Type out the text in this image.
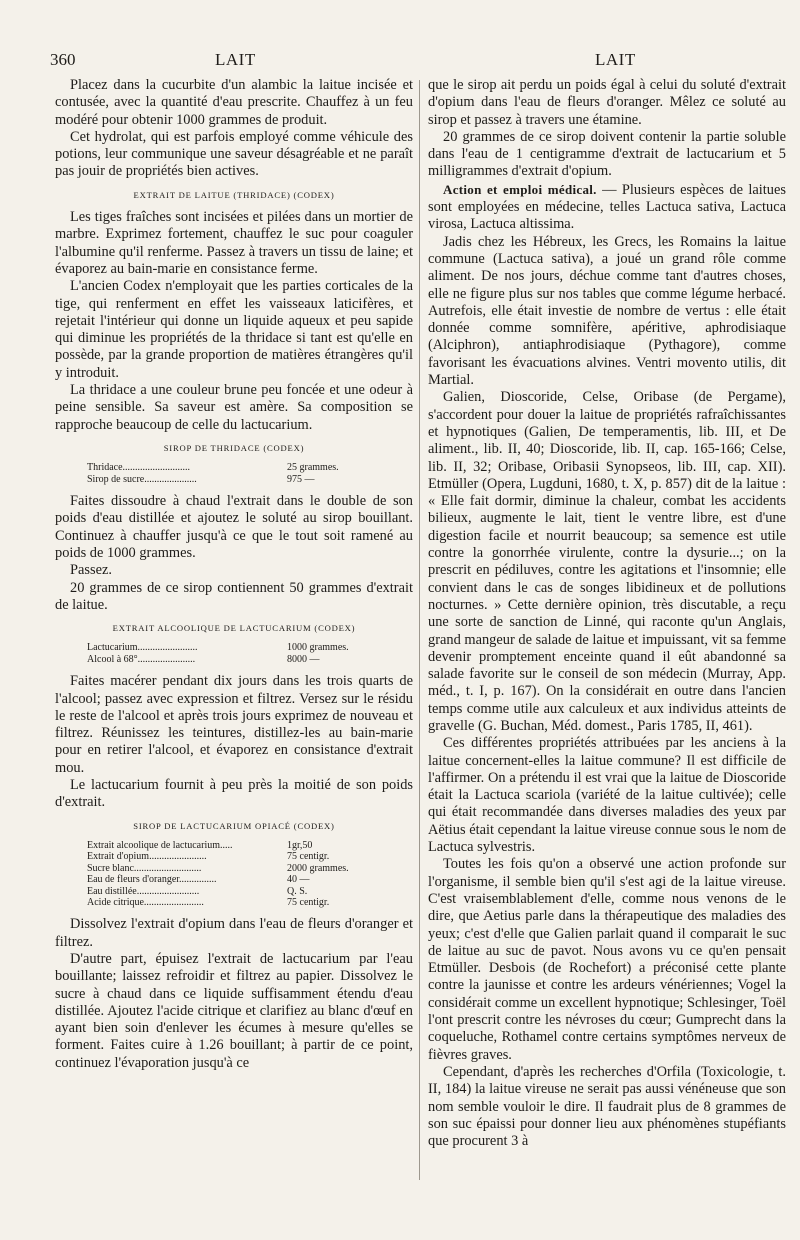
360	LAIT	LAIT

Placez dans la cucurbite d'un alambic la laitue incisée et contusée, avec la quantité d'eau prescrite. Chauffez à un feu modéré pour obtenir 1000 grammes de produit.

Cet hydrolat, qui est parfois employé comme véhicule des potions, leur communique une saveur désagréable et ne paraît pas jouir de propriétés bien actives.

EXTRAIT DE LAITUE (THRIDACE) (CODEX)

Les tiges fraîches sont incisées et pilées dans un mortier de marbre. Exprimez fortement, chauffez le suc pour coaguler l'albumine qu'il renferme. Passez à travers un tissu de laine; et évaporez au bain-marie en consistance ferme.

L'ancien Codex n'employait que les parties corticales de la tige, qui renferment en effet les vaisseaux laticifères, et rejetait l'intérieur qui donne un liquide aqueux et peu sapide qui diminue les propriétés de la thridace si tant est qu'elle en possède, par la grande proportion de matières étrangères qu'il y introduit.

La thridace a une couleur brune peu foncée et une odeur à peine sensible. Sa saveur est amère. Sa composition se rapproche beaucoup de celle du lactucarium.

SIROP DE THRIDACE (CODEX)
Thridace...........................	25 grammes.
Sirop de sucre.....................	975 —

Faites dissoudre à chaud l'extrait dans le double de son poids d'eau distillée et ajoutez le soluté au sirop bouillant. Continuez à chauffer jusqu'à ce que le tout soit ramené au poids de 1000 grammes.

Passez.

20 grammes de ce sirop contiennent 50 grammes d'extrait de laitue.

EXTRAIT ALCOOLIQUE DE LACTUCARIUM (CODEX)
Lactucarium........................	1000 grammes.
Alcool à 68°.......................	8000 —

Faites macérer pendant dix jours dans les trois quarts de l'alcool; passez avec expression et filtrez. Versez sur le résidu le reste de l'alcool et après trois jours exprimez de nouveau et filtrez. Réunissez les teintures, distillez-les au bain-marie pour en retirer l'alcool, et évaporez en consistance d'extrait mou.

Le lactucarium fournit à peu près la moitié de son poids d'extrait.

SIROP DE LACTUCARIUM OPIACÉ (CODEX)
Extrait alcoolique de lactucarium.....	1gr,50
Extrait d'opium.......................	75 centigr.
Sucre blanc...........................	2000 grammes.
Eau de fleurs d'oranger...............	40 —
Eau distillée.........................	Q. S.
Acide citrique........................	75 centigr.

Dissolvez l'extrait d'opium dans l'eau de fleurs d'oranger et filtrez.

D'autre part, épuisez l'extrait de lactucarium par l'eau bouillante; laissez refroidir et filtrez au papier. Dissolvez le sucre à chaud dans ce liquide suffisamment étendu d'eau distillée. Ajoutez l'acide citrique et clarifiez au blanc d'œuf en ayant bien soin d'enlever les écumes à mesure qu'elles se forment. Faites cuire à 1.26 bouillant; à partir de ce point, continuez l'évaporation jusqu'à ce

que le sirop ait perdu un poids égal à celui du soluté d'extrait d'opium dans l'eau de fleurs d'oranger. Mêlez ce soluté au sirop et passez à travers une étamine.

20 grammes de ce sirop doivent contenir la partie soluble dans l'eau de 1 centigramme d'extrait de lactucarium et 5 milligrammes d'extrait d'opium.

Action et emploi médical. — Plusieurs espèces de laitues sont employées en médecine, telles Lactuca sativa, Lactuca virosa, Lactuca altissima.

Jadis chez les Hébreux, les Grecs, les Romains la laitue commune (Lactuca sativa), a joué un grand rôle comme aliment. De nos jours, déchue comme tant d'autres choses, elle ne figure plus sur nos tables que comme légume herbacé. Autrefois, elle était investie de nombre de vertus : elle était donnée comme somnifère, apéritive, aphrodisiaque (Alciphron), antiaphrodisiaque (Pythagore), comme favorisant les évacuations alvines. Ventri movento utilis, dit Martial.

Galien, Dioscoride, Celse, Oribase (de Pergame), s'accordent pour douer la laitue de propriétés rafraîchissantes et hypnotiques (Galien, De temperamentis, lib. III, et De aliment., lib. II, 40; Dioscoride, lib. II, cap. 165-166; Celse, lib. II, 32; Oribase, Oribasii Synopseos, lib. III, cap. XII). Etmüller (Opera, Lugduni, 1680, t. X, p. 857) dit de la laitue : « Elle fait dormir, diminue la chaleur, combat les accidents bilieux, augmente le lait, tient le ventre libre, est d'une digestion facile et nourrit beaucoup; sa semence est utile contre la gonorrhée virulente, contre la dysurie...; on la prescrit en pédiluves, contre les agitations et l'insomnie; elle convient dans le cas de songes libidineux et de pollutions nocturnes. » Cette dernière opinion, très discutable, a reçu une sorte de sanction de Linné, qui raconte qu'un Anglais, grand mangeur de salade de laitue et impuissant, vit sa femme devenir promptement enceinte quand il eût abandonné sa salade favorite sur le conseil de son médecin (Murray, App. méd., t. I, p. 167). On la considérait en outre dans l'ancien temps comme utile aux calculeux et aux individus atteints de gravelle (G. Buchan, Méd. domest., Paris 1785, II, 461).

Ces différentes propriétés attribuées par les anciens à la laitue concernent-elles la laitue commune? Il est difficile de l'affirmer. On a prétendu il est vrai que la laitue de Dioscoride était la Lactuca scariola (variété de la laitue cultivée); celle qui était recommandée dans diverses maladies des yeux par Aëtius était cependant la laitue vireuse connue sous le nom de Lactuca sylvestris.

Toutes les fois qu'on a observé une action profonde sur l'organisme, il semble bien qu'il s'est agi de la laitue vireuse. C'est vraisemblablement d'elle, comme nous venons de le dire, que Aetius parle dans la thérapeutique des maladies des yeux; c'est d'elle que Galien parlait quand il comparait le suc de laitue au suc de pavot. Nous avons vu ce qu'en pensait Etmüller. Desbois (de Rochefort) a préconisé cette plante contre la jaunisse et contre les ardeurs vénériennes; Vogel la considérait comme un excellent hypnotique; Schlesinger, Toël l'ont prescrit contre les névroses du cœur; Gumprecht dans la coqueluche, Rothamel contre certains symptômes nerveux de fièvres graves.

Cependant, d'après les recherches d'Orfila (Toxicologie, t. II, 184) la laitue vireuse ne serait pas aussi vénéneuse que son nom semble vouloir le dire. Il faudrait plus de 8 grammes de son suc épaissi pour donner lieu aux phénomènes stupéfiants que procurent 3 à
